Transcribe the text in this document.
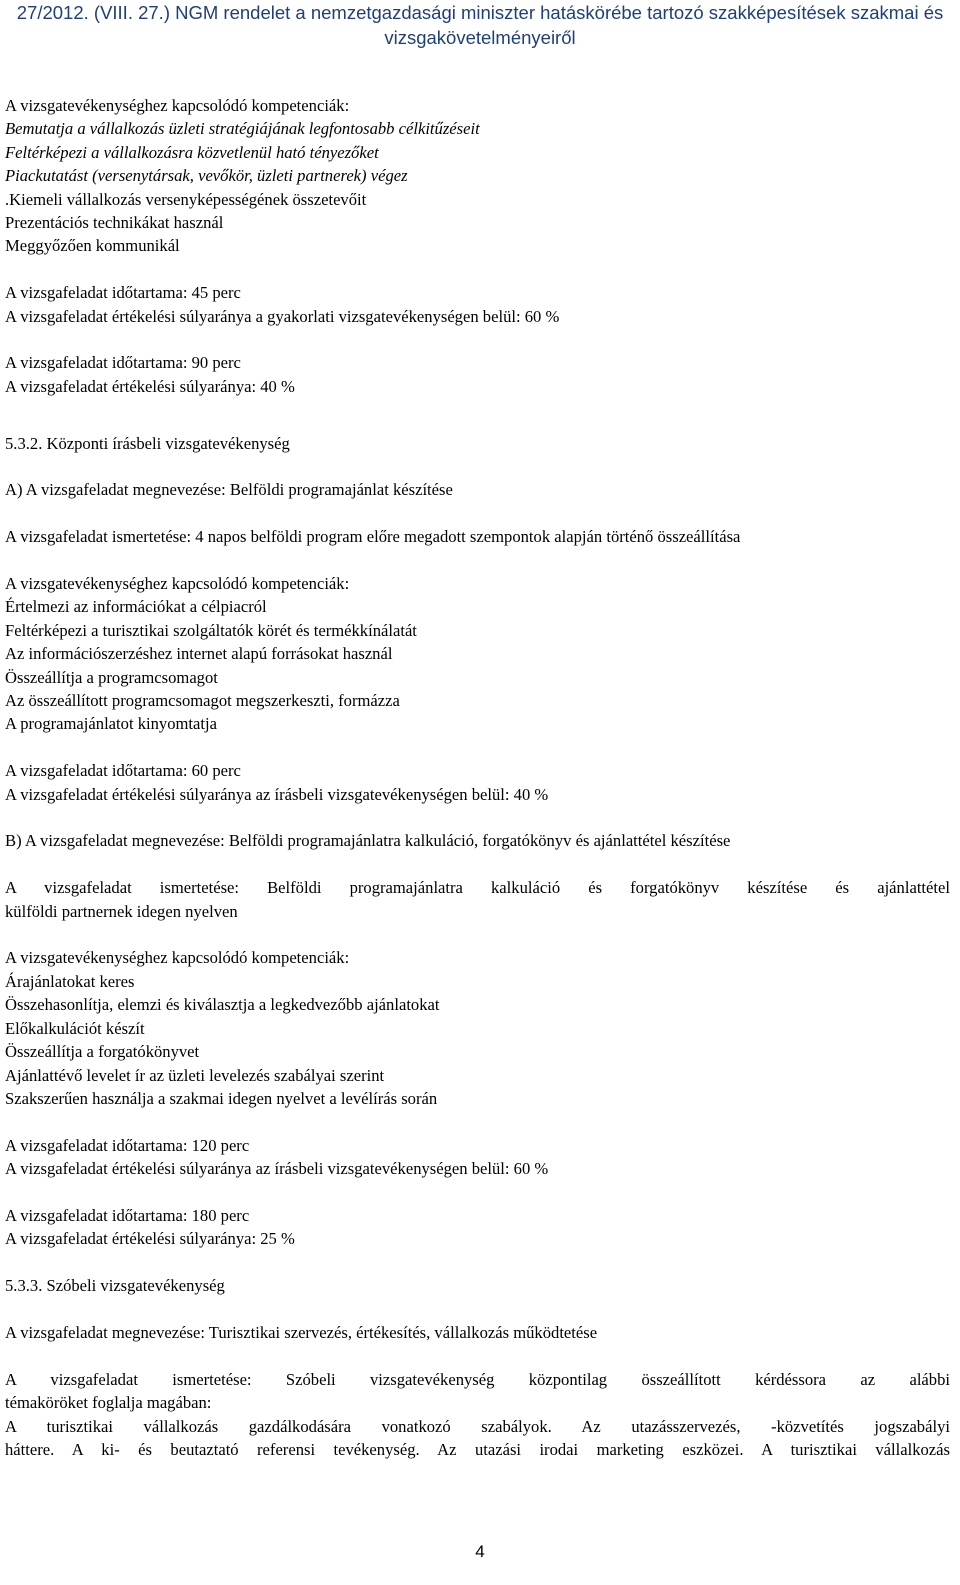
27/2012. (VIII. 27.) NGM rendelet a nemzetgazdasági miniszter hatáskörébe tartozó szakképesítések szakmai és
vizsgakövetelményeiről
A vizsgatevékenységhez kapcsolódó kompetenciák:
Bemutatja a vállalkozás üzleti stratégiájának legfontosabb célkitűzéseit
Feltérképezi a vállalkozásra közvetlenül ható tényezőket
Piackutatást (versenytársak, vevőkör, üzleti partnerek) végez
.Kiemeli vállalkozás versenyképességének összetevőit
Prezentációs technikákat használ
Meggyőzően kommunikál
A vizsgafeladat időtartama: 45 perc
A vizsgafeladat értékelési súlyaránya a gyakorlati vizsgatevékenységen belül: 60 %
A vizsgafeladat időtartama: 90 perc
A vizsgafeladat értékelési súlyaránya: 40 %
5.3.2. Központi írásbeli vizsgatevékenység
A) A vizsgafeladat megnevezése: Belföldi programajánlat készítése
A vizsgafeladat ismertetése: 4 napos belföldi program előre megadott szempontok alapján történő összeállítása
A vizsgatevékenységhez kapcsolódó kompetenciák:
Értelmezi az információkat a célpiacról
Feltérképezi a turisztikai szolgáltatók körét és termékkínálatát
Az információszerzéshez internet alapú forrásokat használ
Összeállítja a programcsomagot
Az összeállított programcsomagot megszerkeszti, formázza
A programajánlatot kinyomtatja
A vizsgafeladat időtartama: 60 perc
A vizsgafeladat értékelési súlyaránya az írásbeli vizsgatevékenységen belül: 40 %
B) A vizsgafeladat megnevezése: Belföldi programajánlatra kalkuláció, forgatókönyv és ajánlattétel készítése
A vizsgafeladat ismertetése: Belföldi programajánlatra kalkuláció és forgatókönyv készítése és ajánlattétel
külföldi partnernek idegen nyelven
A vizsgatevékenységhez kapcsolódó kompetenciák:
Árajánlatokat keres
Összehasonlítja, elemzi és kiválasztja a legkedvezőbb ajánlatokat
Előkalkulációt készít
Összeállítja a forgatókönyvet
Ajánlattévő levelet ír az üzleti levelezés szabályai szerint
Szakszerűen használja a szakmai idegen nyelvet a levélírás során
A vizsgafeladat időtartama: 120 perc
A vizsgafeladat értékelési súlyaránya az írásbeli vizsgatevékenységen belül: 60 %
A vizsgafeladat időtartama: 180 perc
A vizsgafeladat értékelési súlyaránya: 25 %
5.3.3. Szóbeli vizsgatevékenység
A vizsgafeladat megnevezése: Turisztikai szervezés, értékesítés, vállalkozás működtetése
A vizsgafeladat ismertetése: Szóbeli vizsgatevékenység központilag összeállított kérdéssora az alábbi
témaköröket foglalja magában:
A turisztikai vállalkozás gazdálkodására vonatkozó szabályok. Az utazásszervezés, -közvetítés jogszabályi
háttere. A ki- és beutaztató referensi tevékenység. Az utazási irodai marketing eszközei. A turisztikai vállalkozás
4
